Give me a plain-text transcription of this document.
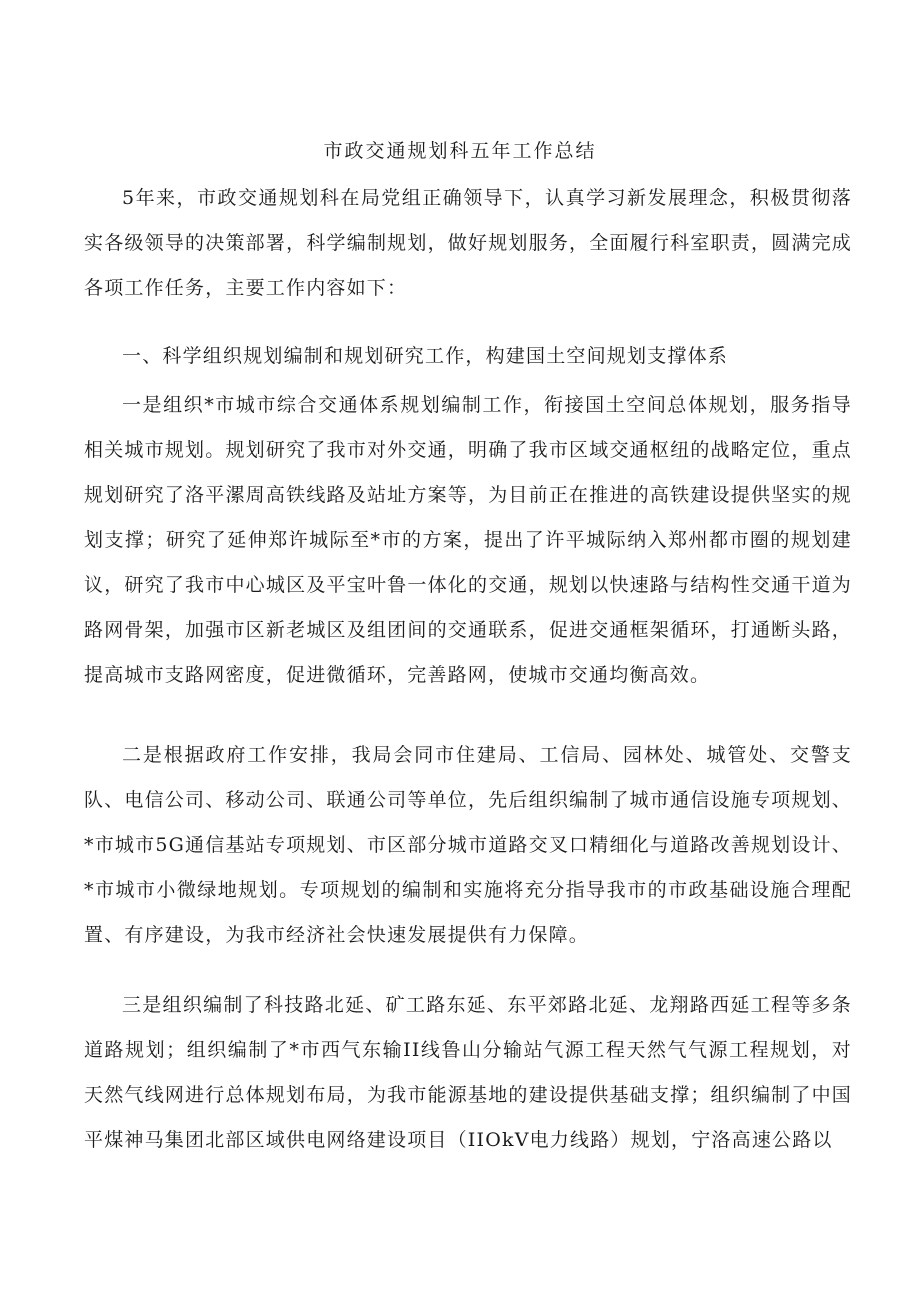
市政交通规划科五年工作总结

5年来，市政交通规划科在局党组正确领导下，认真学习新发展理念，积极贯彻落实各级领导的决策部署，科学编制规划，做好规划服务，全面履行科室职责，圆满完成各项工作任务，主要工作内容如下：

一、科学组织规划编制和规划研究工作，构建国土空间规划支撑体系

一是组织*市城市综合交通体系规划编制工作，衔接国土空间总体规划，服务指导相关城市规划。规划研究了我市对外交通，明确了我市区域交通枢纽的战略定位，重点规划研究了洛平漯周高铁线路及站址方案等，为目前正在推进的高铁建设提供坚实的规划支撑；研究了延伸郑许城际至*市的方案，提出了许平城际纳入郑州都市圈的规划建议，研究了我市中心城区及平宝叶鲁一体化的交通，规划以快速路与结构性交通干道为路网骨架，加强市区新老城区及组团间的交通联系，促进交通框架循环，打通断头路，提高城市支路网密度，促进微循环，完善路网，使城市交通均衡高效。

二是根据政府工作安排，我局会同市住建局、工信局、园林处、城管处、交警支队、电信公司、移动公司、联通公司等单位，先后组织编制了城市通信设施专项规划、*市城市5G通信基站专项规划、市区部分城市道路交叉口精细化与道路改善规划设计、*市城市小微绿地规划。专项规划的编制和实施将充分指导我市的市政基础设施合理配置、有序建设，为我市经济社会快速发展提供有力保障。

三是组织编制了科技路北延、矿工路东延、东平郊路北延、龙翔路西延工程等多条道路规划；组织编制了*市西气东输II线鲁山分输站气源工程天然气气源工程规划，对天然气线网进行总体规划布局，为我市能源基地的建设提供基础支撑；组织编制了中国平煤神马集团北部区域供电网络建设项目（IIOkV电力线路）规划，宁洛高速公路以
